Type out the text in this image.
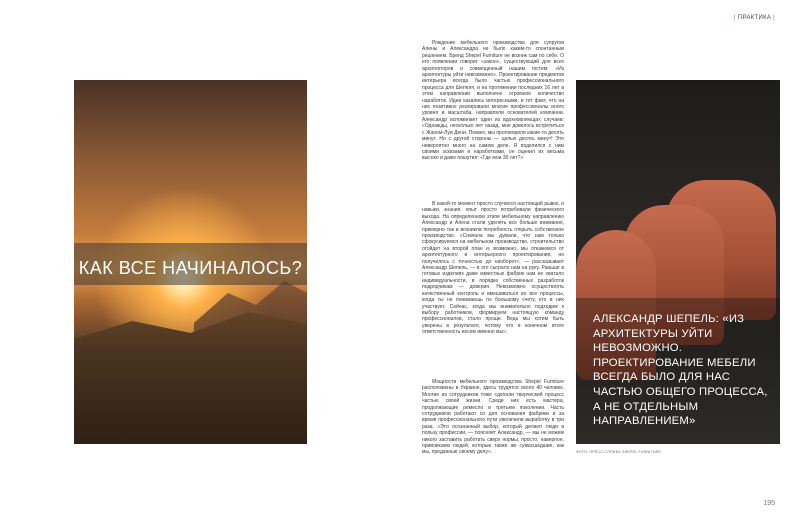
| ПРАКТИКА |
КАК ВСЕ НАЧИНАЛОСЬ?

Рождение мебельного производства для супругов Алены и Александра не было каким-то спонтанным решением. Бренд Shepel Furniture не возник сам по себе. О его появлении говорит «закон», существующий для всех архитекторов и совмещенный нашим гостем: «Из архитектуры уйти невозможно». Проектирование предметов интерьера всегда было частью профессионального процесса для Шепеля, и на протяжении последних 16 лет в этом направлении выполнено огромное количество наработок. Идеи казались интересными, и тот факт, что на них позитивно реагировали многие профессионалы иного уровня и масштаба, направляли основателей компании. Александр вспоминает один из вдохновляющих случаев: «Однажды, несколько лет назад, мне довелось встретиться с Жаном-Луи Дени. Помню, мы проговорили какие-то десять минут. Но с другой стороны — целых десять минут! Это невероятно много на самом деле. Я поделился с ним своими эскизами и наработками, он оценил их весьма высоко и даже пошутил: «Где мои 30 лет?»

В какой-то момент просто случился настоящий рывок, и навыки, знания, опыт просто потребовали физического выхода. На определенном этапе мебельному направлению Александр и Алена стали уделять все больше внимания, примерно так и возникла потребность открыть собственное производство. «Сначала мы думали, что нам только сфокусируемся на мебельном производстве, строительство отойдет на второй план и, возможно, мы откажемся от архитектурного и интерьерного проектирования, но получилось с точностью до наоборот», — рассказывает Александр Шепель, — и это сыграло нам на руку. Раньше в готовых изделиях даже известных фабрик нам не хватало индивидуальности, в порядке собственных разработок подрядчикам — доверия. Невозможно осуществлять качественный контроль и вмешиваться во все процессы, когда ты не понимаешь по большому счету, кто в них участвует. Сейчас, когда мы внимательно подходим к выбору работников, формируем настоящую команду профессионалов, стало проще. Ведь мы хотим быть уверены в результате, потому что в конечном итоге ответственность несем именно мы».

Мощности мебельного производства Shepel Furniture расположены в Украине, здесь трудятся около 40 человек. Многие из сотрудников тоже сделали творческий процесс частью своей жизни. Среди них есть мастера, продолжающие ремесло в третьем поколении. Часть сотрудников работают со дня основания фабрики и за время профессионального пути увеличили выработку в три раза. «Это осознанный выбор, который делают люди в пользу профессии, — поясняет Александр, — мы не можем никого заставить работать сверх нормы, просто, наверное, привлекаем людей, которые также же сумасшедшие, как мы, преданные своему делу».

АЛЕКСАНДР ШЕПЕЛЬ: «ИЗ АРХИТЕКТУРЫ УЙТИ НЕВОЗМОЖНО. ПРОЕКТИРОВАНИЕ МЕБЕЛИ ВСЕГДА БЫЛО ДЛЯ НАС ЧАСТЬЮ ОБЩЕГО ПРОЦЕССА, А НЕ ОТДЕЛЬНЫМ НАПРАВЛЕНИЕМ»
ФОТО: ПРЕСС-СЛУЖБА SHEPEL FURNITURE
195
